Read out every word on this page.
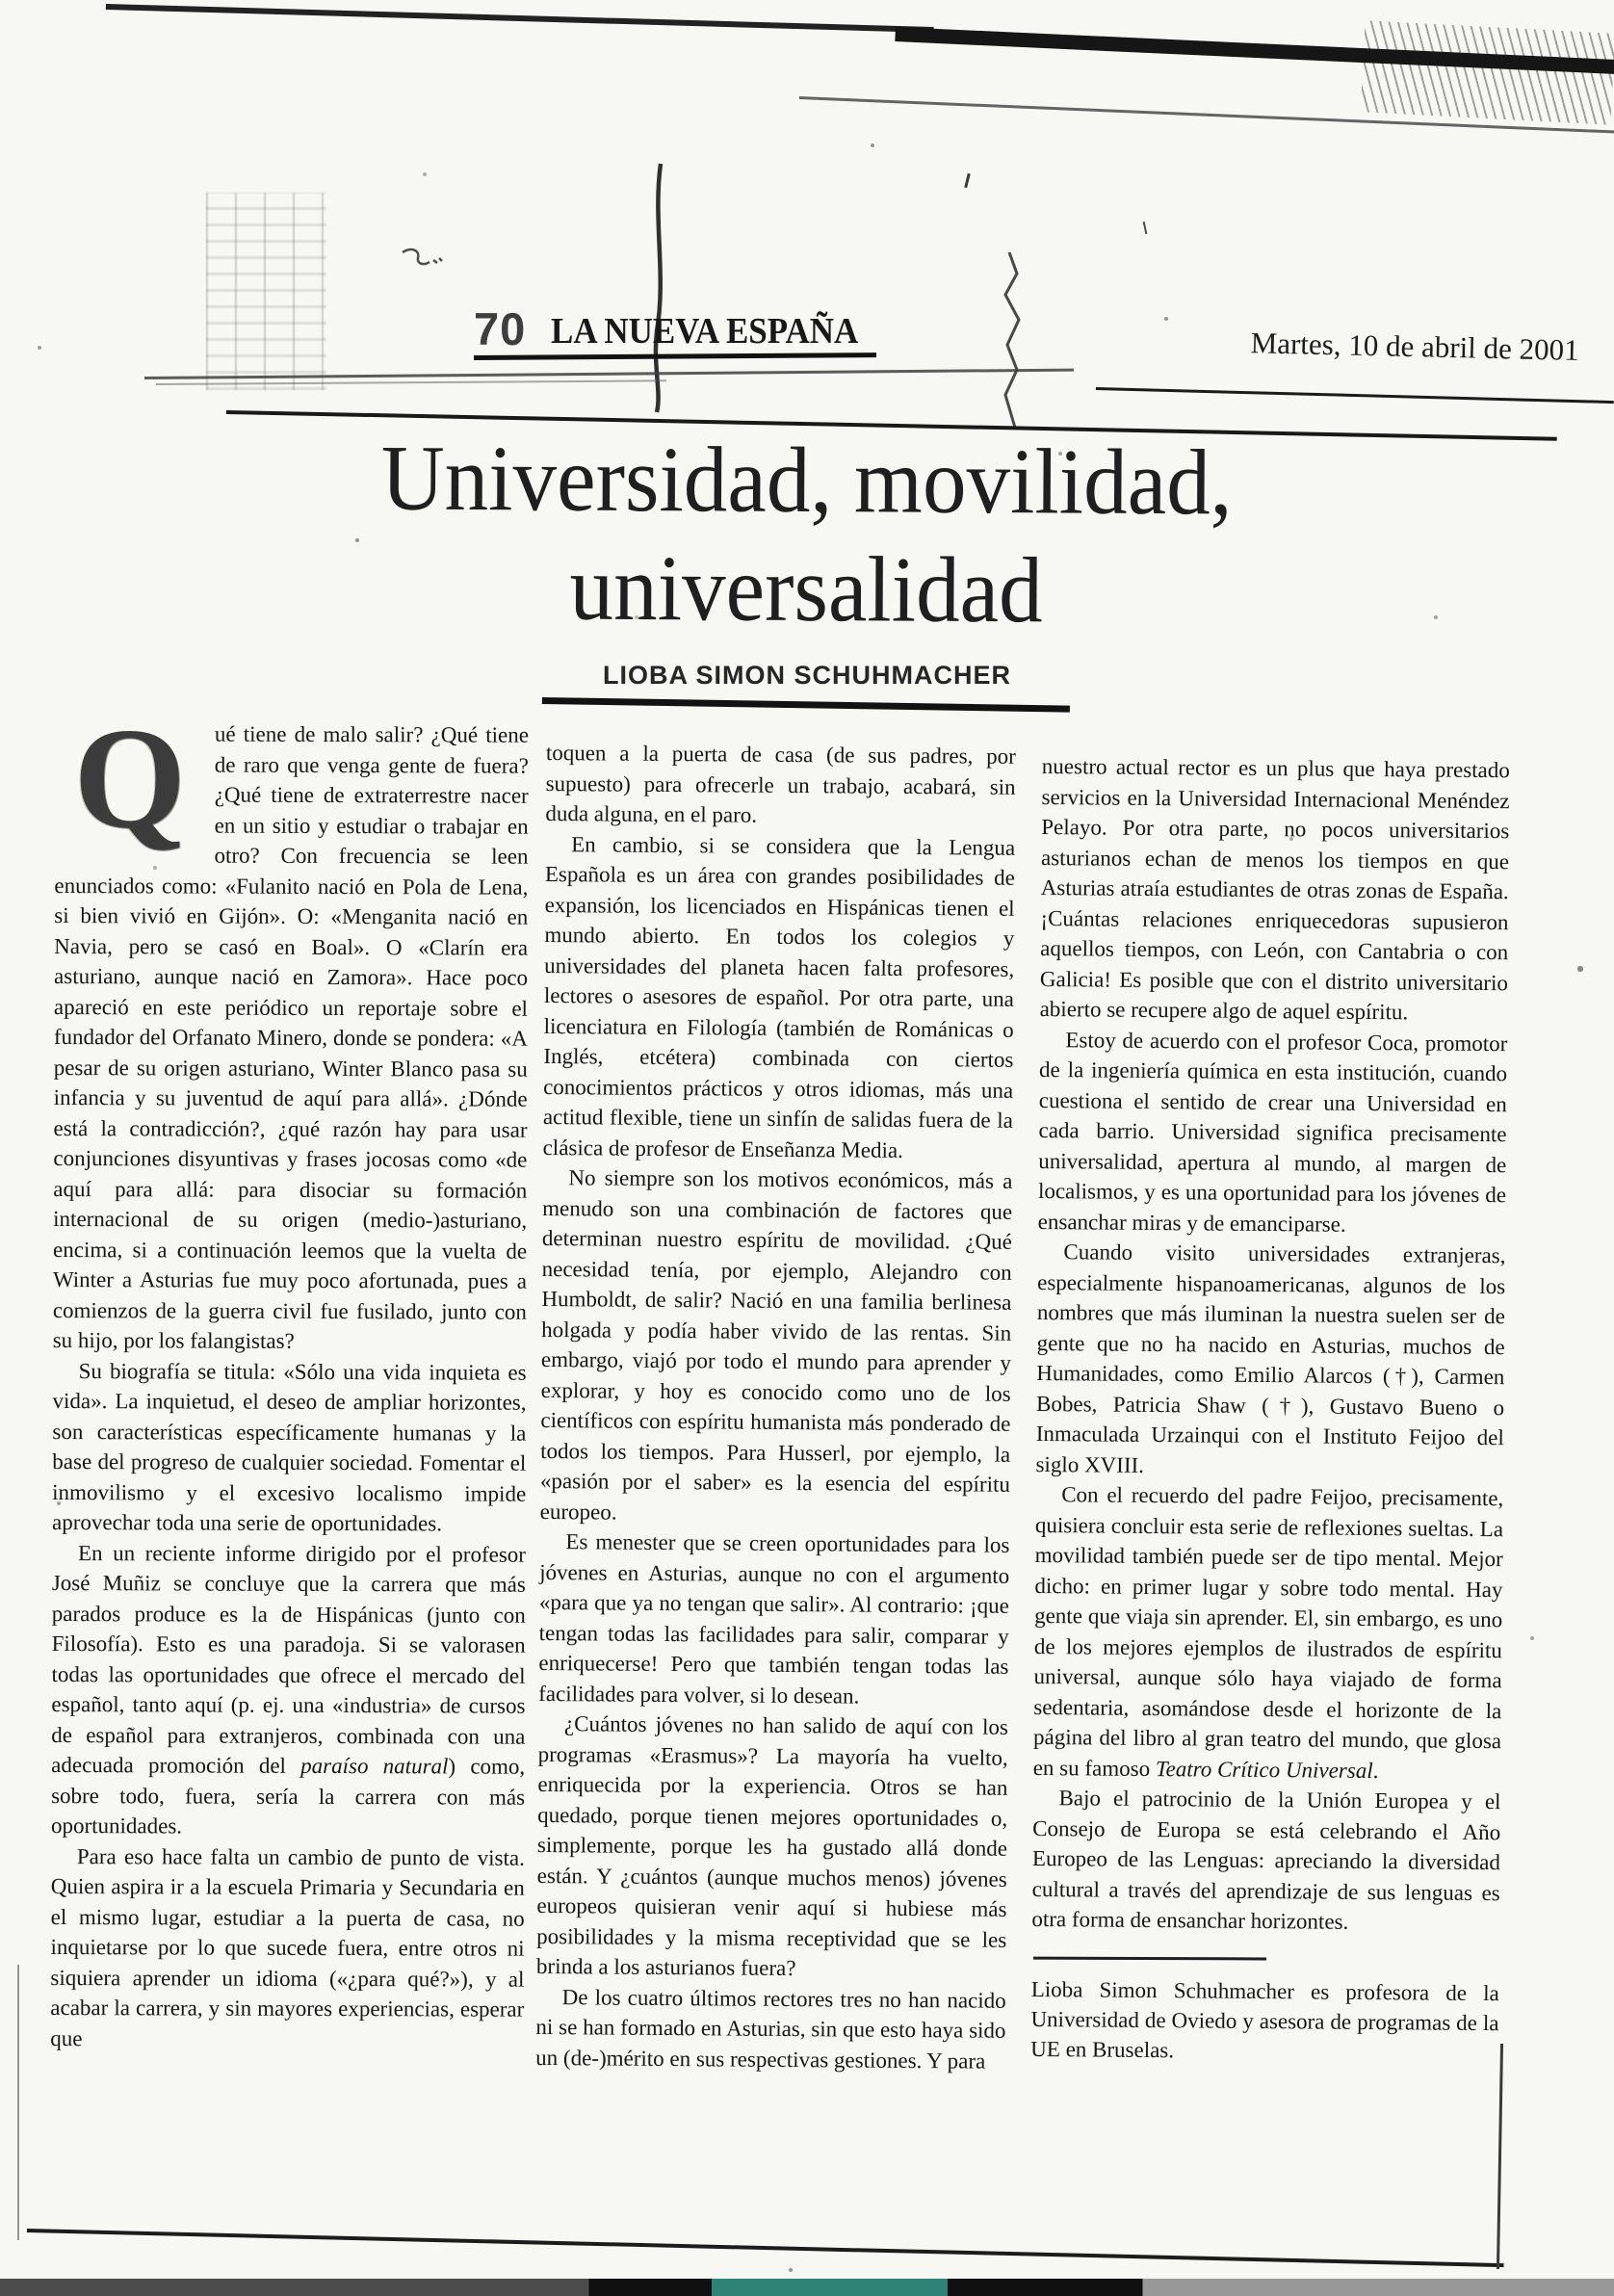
70 LA NUEVA ESPAÑA	Martes, 10 de abril de 2001
Universidad, movilidad,
universalidad
LIOBA SIMON SCHUHMACHER

Q	ué tiene de malo salir? ¿Qué tiene de raro que venga gente de fuera? ¿Qué tiene de extraterrestre nacer en un sitio y estudiar o trabajar en otro? Con frecuencia se leen enunciados como: «Fulanito nació en Pola de Lena, si bien vivió en Gijón». O: «Menganita nació en Navia, pero se casó en Boal». O «Clarín era asturiano, aunque nació en Zamora». Hace poco apareció en este periódico un reportaje sobre el fundador del Orfanato Minero, donde se pondera: «A pesar de su origen asturiano, Winter Blanco pasa su infancia y su juventud de aquí para allá». ¿Dónde está la contradicción?, ¿qué razón hay para usar conjunciones disyuntivas y frases jocosas como «de aquí para allá: para disociar su formación internacional de su origen (medio-)asturiano, encima, si a continuación leemos que la vuelta de Winter a Asturias fue muy poco afortunada, pues a comienzos de la guerra civil fue fusilado, junto con su hijo, por los falangistas?

Su biografía se titula: «Sólo una vida inquieta es vida». La inquietud, el deseo de ampliar horizontes, son características específicamente humanas y la base del progreso de cualquier sociedad. Fomentar el inmovilismo y el excesivo localismo impide aprovechar toda una serie de oportunidades.

En un reciente informe dirigido por el profesor José Muñiz se concluye que la carrera que más parados produce es la de Hispánicas (junto con Filosofía). Esto es una paradoja. Si se valorasen todas las oportunidades que ofrece el mercado del español, tanto aquí (p. ej. una «industria» de cursos de español para extranjeros, combinada con una adecuada promoción del paraíso natural) como, sobre todo, fuera, sería la carrera con más oportunidades.

Para eso hace falta un cambio de punto de vista. Quien aspira ir a la escuela Primaria y Secundaria en el mismo lugar, estudiar a la puerta de casa, no inquietarse por lo que sucede fuera, entre otros ni siquiera aprender un idioma («¿para qué?»), y al acabar la carrera, y sin mayores experiencias, esperar que

toquen a la puerta de casa (de sus padres, por supuesto) para ofrecerle un trabajo, acabará, sin duda alguna, en el paro.

En cambio, si se considera que la Lengua Española es un área con grandes posibilidades de expansión, los licenciados en Hispánicas tienen el mundo abierto. En todos los colegios y universidades del planeta hacen falta profesores, lectores o asesores de español. Por otra parte, una licenciatura en Filología (también de Románicas o Inglés, etcétera) combinada con ciertos conocimientos prácticos y otros idiomas, más una actitud flexible, tiene un sinfín de salidas fuera de la clásica de profesor de Enseñanza Media.

No siempre son los motivos económicos, más a menudo son una combinación de factores que determinan nuestro espíritu de movilidad. ¿Qué necesidad tenía, por ejemplo, Alejandro con Humboldt, de salir? Nació en una familia berlinesa holgada y podía haber vivido de las rentas. Sin embargo, viajó por todo el mundo para aprender y explorar, y hoy es conocido como uno de los científicos con espíritu humanista más ponderado de todos los tiempos. Para Husserl, por ejemplo, la «pasión por el saber» es la esencia del espíritu europeo.

Es menester que se creen oportunidades para los jóvenes en Asturias, aunque no con el argumento «para que ya no tengan que salir». Al contrario: ¡que tengan todas las facilidades para salir, comparar y enriquecerse! Pero que también tengan todas las facilidades para volver, si lo desean.

¿Cuántos jóvenes no han salido de aquí con los programas «Erasmus»? La mayoría ha vuelto, enriquecida por la experiencia. Otros se han quedado, porque tienen mejores oportunidades o, simplemente, porque les ha gustado allá donde están. Y ¿cuántos (aunque muchos menos) jóvenes europeos quisieran venir aquí si hubiese más posibilidades y la misma receptividad que se les brinda a los asturianos fuera?

De los cuatro últimos rectores tres no han nacido ni se han formado en Asturias, sin que esto haya sido un (de-)mérito en sus respectivas gestiones. Y para

nuestro actual rector es un plus que haya prestado servicios en la Universidad Internacional Menéndez Pelayo. Por otra parte, no pocos universitarios asturianos echan de menos los tiempos en que Asturias atraía estudiantes de otras zonas de España. ¡Cuántas relaciones enriquecedoras supusieron aquellos tiempos, con León, con Cantabria o con Galicia! Es posible que con el distrito universitario abierto se recupere algo de aquel espíritu.

Estoy de acuerdo con el profesor Coca, promotor de la ingeniería química en esta institución, cuando cuestiona el sentido de crear una Universidad en cada barrio. Universidad significa precisamente universalidad, apertura al mundo, al margen de localismos, y es una oportunidad para los jóvenes de ensanchar miras y de emanciparse.

Cuando visito universidades extranjeras, especialmente hispanoamericanas, algunos de los nombres que más iluminan la nuestra suelen ser de gente que no ha nacido en Asturias, muchos de Humanidades, como Emilio Alarcos (†), Carmen Bobes, Patricia Shaw (†), Gustavo Bueno o Inmaculada Urzainqui con el Instituto Feijoo del siglo XVIII.

Con el recuerdo del padre Feijoo, precisamente, quisiera concluir esta serie de reflexiones sueltas. La movilidad también puede ser de tipo mental. Mejor dicho: en primer lugar y sobre todo mental. Hay gente que viaja sin aprender. El, sin embargo, es uno de los mejores ejemplos de ilustrados de espíritu universal, aunque sólo haya viajado de forma sedentaria, asomándose desde el horizonte de la página del libro al gran teatro del mundo, que glosa en su famoso Teatro Crítico Universal.

Bajo el patrocinio de la Unión Europea y el Consejo de Europa se está celebrando el Año Europeo de las Lenguas: apreciando la diversidad cultural a través del aprendizaje de sus lenguas es otra forma de ensanchar horizontes.

Lioba Simon Schuhmacher es profesora de la Universidad de Oviedo y asesora de programas de la UE en Bruselas.
